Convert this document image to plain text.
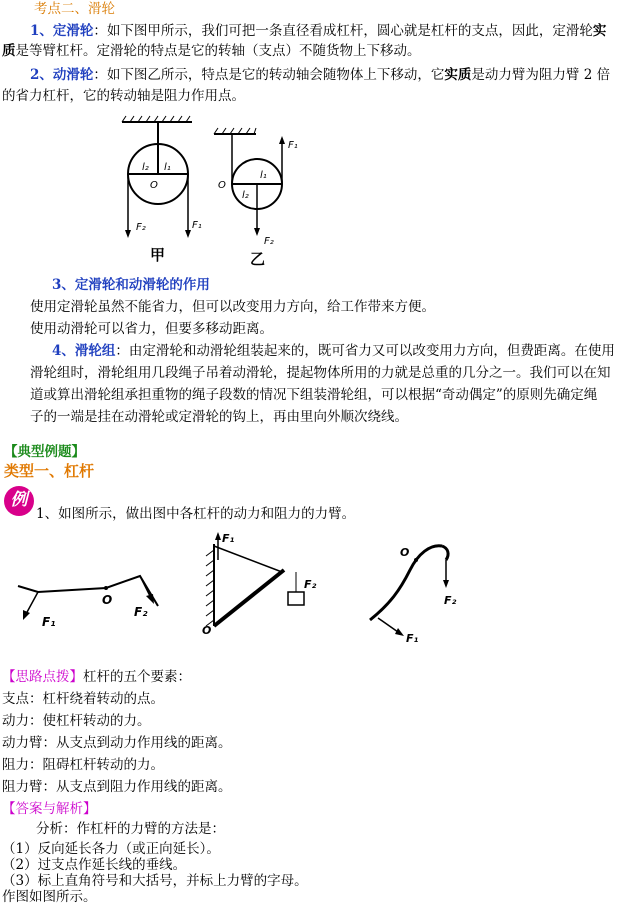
考点二、滑轮
1、定滑轮：如下图甲所示，我们可把一条直径看成杠杆，圆心就是杠杆的支点，因此，定滑轮实
质是等臂杠杆。定滑轮的特点是它的转轴（支点）不随货物上下移动。
2、动滑轮：如下图乙所示，特点是它的转动轴会随物体上下移动，它实质是动力臂为阻力臂 2 倍
的省力杠杆，它的转动轴是阻力作用点。
l₂ l₁
O
F₂	F₁
甲
O
l₁
l₂
F₁
F₂
乙
3、定滑轮和动滑轮的作用
使用定滑轮虽然不能省力，但可以改变用力方向，给工作带来方便。
使用动滑轮可以省力，但要多移动距离。
4、滑轮组：由定滑轮和动滑轮组装起来的，既可省力又可以改变用力方向，但费距离。在使用
滑轮组时，滑轮组用几段绳子吊着动滑轮，提起物体所用的力就是总重的几分之一。我们可以在知
道或算出滑轮组承担重物的绳子段数的情况下组装滑轮组，可以根据“奇动偶定”的原则先确定绳
子的一端是挂在动滑轮或定滑轮的钩上，再由里向外顺次绕线。
【典型例题】
类型一、杠杆
例
1、如图所示，做出图中各杠杆的动力和阻力的力臂。
F₁
O
F₂
F₁
F₂
O
O
F₂
F₁
【思路点拨】杠杆的五个要素：
支点：杠杆绕着转动的点。
动力：使杠杆转动的力。
动力臂：从支点到动力作用线的距离。
阻力：阻碍杠杆转动的力。
阻力臂：从支点到阻力作用线的距离。
【答案与解析】
分析：作杠杆的力臂的方法是：
（1）反向延长各力（或正向延长）。
（2）过支点作延长线的垂线。
（3）标上直角符号和大括号，并标上力臂的字母。
作图如图所示。
